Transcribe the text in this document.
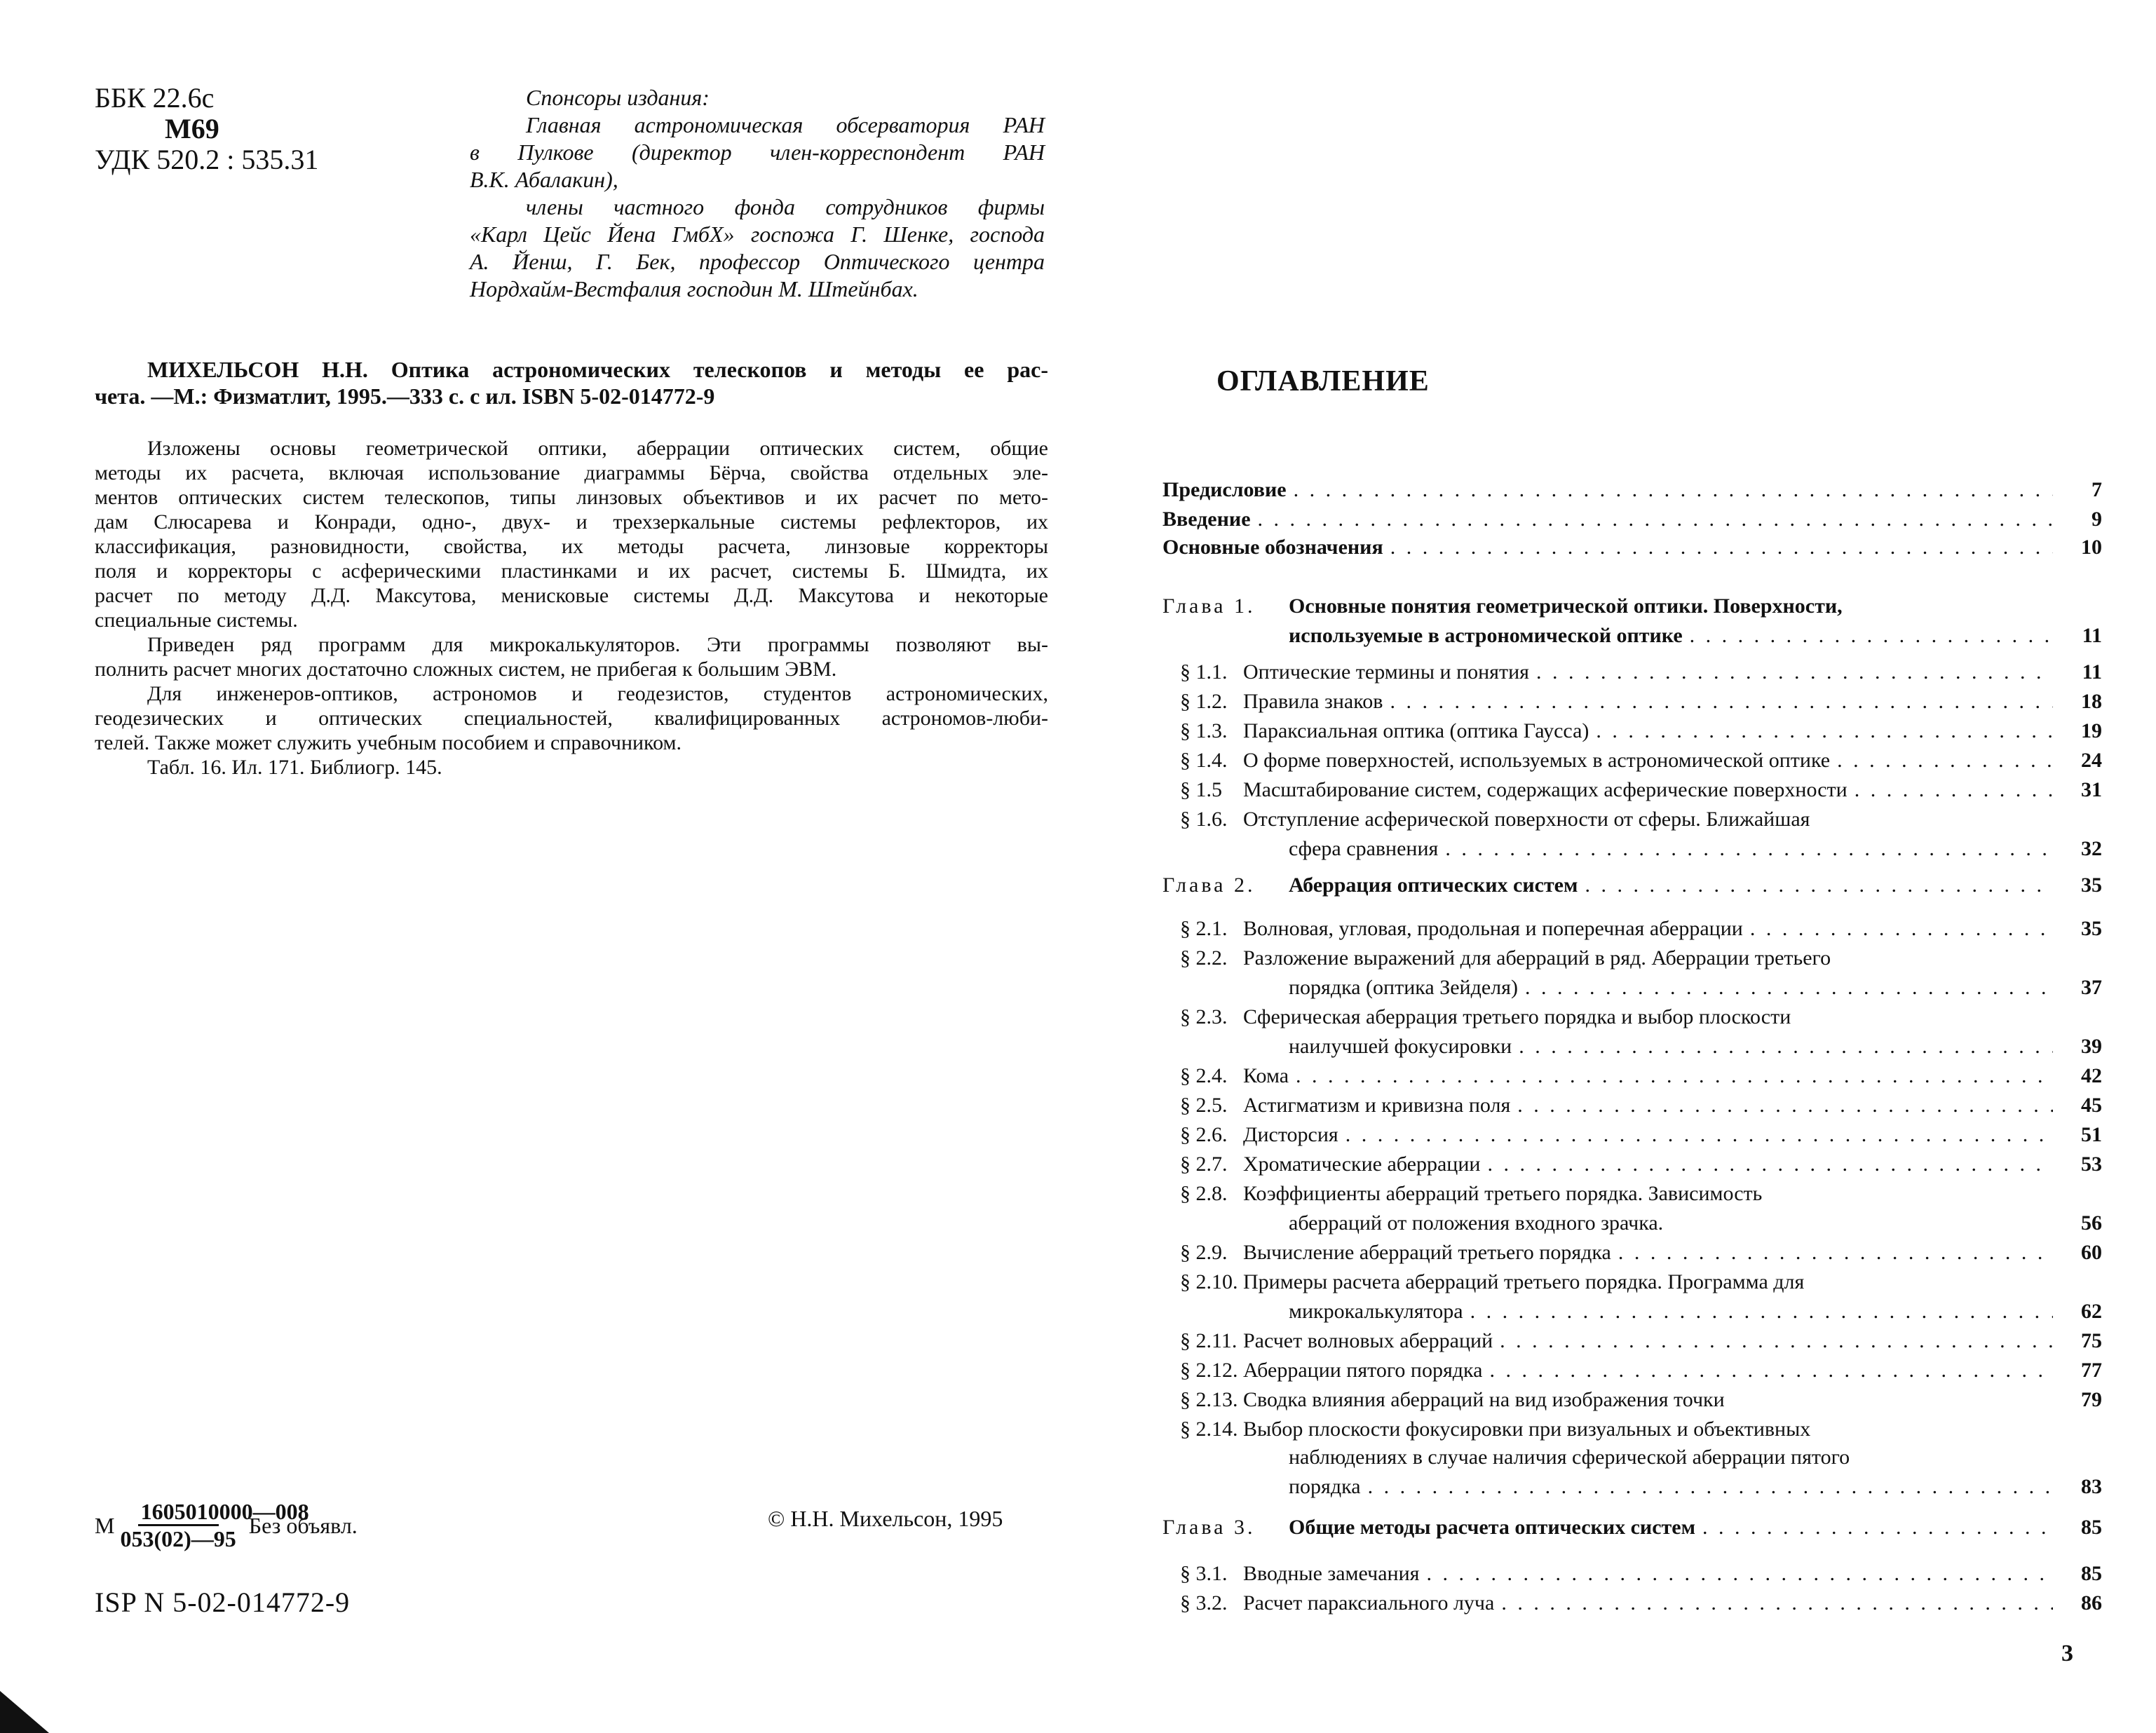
ББК 22.6с
М69
УДК 520.2 : 535.31
Спонсоры издания:
Главная астрономическая обсерватория РАН
в Пулкове (директор член-корреспондент РАН
В.К. Абалакин),
члены частного фонда сотрудников фирмы
«Карл Цейс Йена ГмбХ» госпожа Г. Шенке, господа
А. Йенш, Г. Бек, профессор Оптического центра
Нордхайм-Вестфалия господин М. Штейнбах.
МИХЕЛЬСОН Н.Н. Оптика астрономических телескопов и методы ее рас-
чета. —М.: Физматлит, 1995.—333 с. с ил. ISBN 5-02-014772-9
Изложены основы геометрической оптики, аберрации оптических систем, общие
методы их расчета, включая использование диаграммы Бёрча, свойства отдельных эле-
ментов оптических систем телескопов, типы линзовых объективов и их расчет по мето-
дам Слюсарева и Конради, одно-, двух- и трехзеркальные системы рефлекторов, их
классификация, разновидности, свойства, их методы расчета, линзовые корректоры
поля и корректоры с асферическими пластинками и их расчет, системы Б. Шмидта, их
расчет по методу Д.Д. Максутова, менисковые системы Д.Д. Максутова и некоторые
специальные системы.
Приведен ряд программ для микрокалькуляторов. Эти программы позволяют вы-
полнить расчет многих достаточно сложных систем, не прибегая к большим ЭВМ.
Для инженеров-оптиков, астрономов и геодезистов, студентов астрономических,
геодезических и оптических специальностей, квалифицированных астрономов-люби-
телей. Также может служить учебным пособием и справочником.
Табл. 16. Ил. 171. Библиогр. 145.
М $\frac{1605010000—008}{053(02)—95}$ Без объявл.	© Н.Н. Михельсон, 1995
ISP N 5-02-014772-9
ОГЛАВЛЕНИЕ
Предисловие . . .	7
Введение . . .	9
Основные обозначения . . .	10
Глава 1.	Основные понятия геометрической оптики. Поверхности,
используемые в астрономической оптике . . .	11
§ 1.1. Оптические термины и понятия . . .	11
§ 1.2. Правила знаков . . .	18
§ 1.3. Параксиальная оптика (оптика Гаусса) . . .	19
§ 1.4. О форме поверхностей, используемых в астрономической оптике . . .	24
§ 1.5	Масштабирование систем, содержащих асферические поверхности . . .	31
§ 1.6. Отступление асферической поверхности от сферы. Ближайшая
сфера сравнения . . .	32
Глава 2.	Аберрация оптических систем . . .	35
§ 2.1. Волновая, угловая, продольная и поперечная аберрации . . .	35
§ 2.2. Разложение выражений для аберраций в ряд. Аберрации третьего
порядка (оптика Зейделя) . . .	37
§ 2.3. Сферическая аберрация третьего порядка и выбор плоскости
наилучшей фокусировки . . .	39
§ 2.4. Кома . . .	42
§ 2.5. Астигматизм и кривизна поля . . .	45
§ 2.6. Дисторсия . . .	51
§ 2.7. Хроматические аберрации . . .	53
§ 2.8. Коэффициенты аберраций третьего порядка. Зависимость
аберраций от положения входного зрачка.	56
§ 2.9. Вычисление аберраций третьего порядка . . .	60
§ 2.10. Примеры расчета аберраций третьего порядка. Программа для
микрокалькулятора . . .	62
§ 2.11. Расчет волновых аберраций . . .	75
§ 2.12. Аберрации пятого порядка . . .	77
§ 2.13. Сводка влияния аберраций на вид изображения точки	79
§ 2.14. Выбор плоскости фокусировки при визуальных и объективных
наблюдениях в случае наличия сферической аберрации пятого
порядка . . .	83
Глава 3.	Общие методы расчета оптических систем . . .	85
§ 3.1. Вводные замечания . . .	85
§ 3.2. Расчет параксиального луча . . .	86
3
